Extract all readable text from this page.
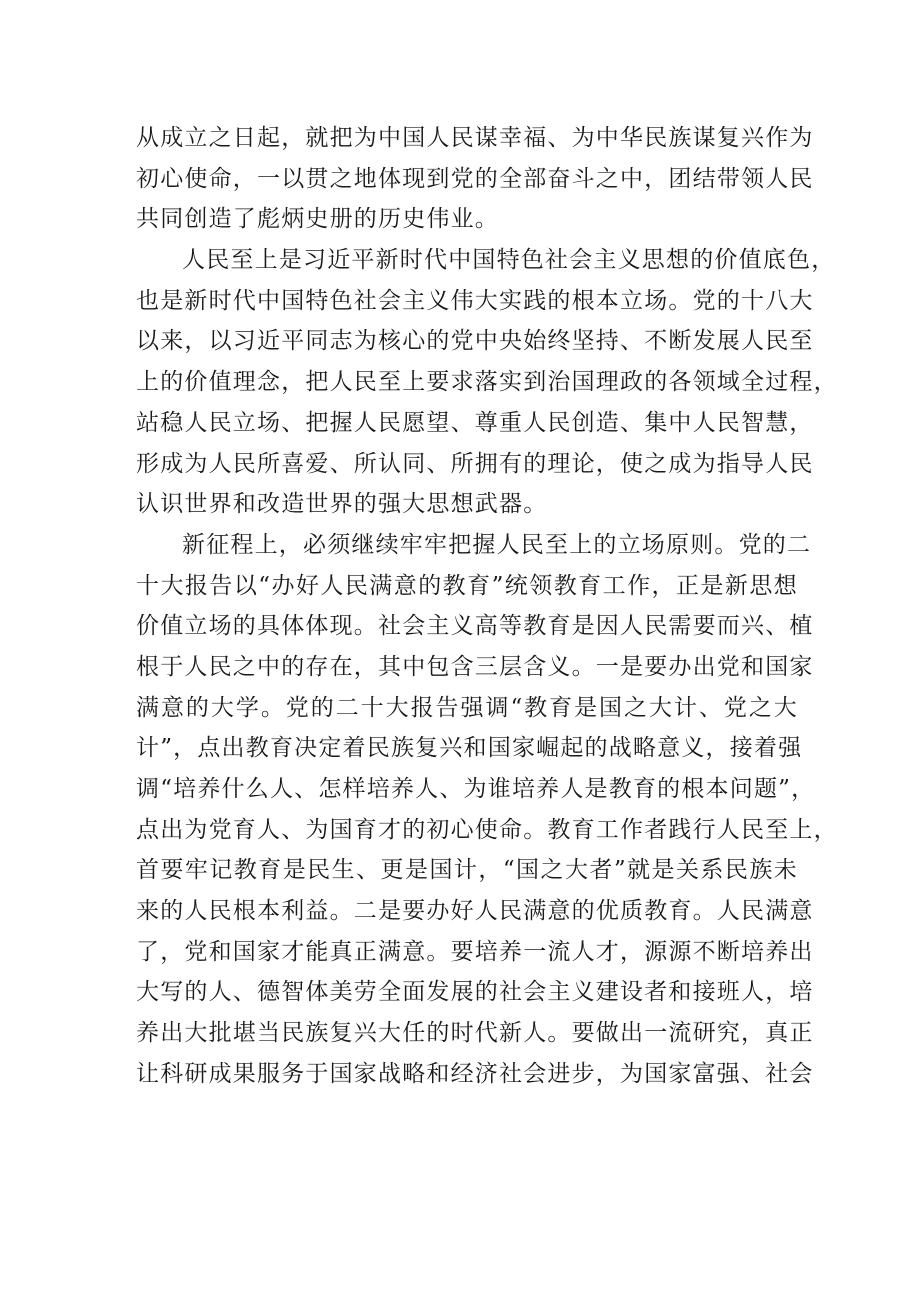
从成立之日起，就把为中国人民谋幸福、为中华民族谋复兴作为
初心使命，一以贯之地体现到党的全部奋斗之中，团结带领人民
共同创造了彪炳史册的历史伟业。
人民至上是习近平新时代中国特色社会主义思想的价值底色，
也是新时代中国特色社会主义伟大实践的根本立场。党的十八大
以来，以习近平同志为核心的党中央始终坚持、不断发展人民至
上的价值理念，把人民至上要求落实到治国理政的各领域全过程，
站稳人民立场、把握人民愿望、尊重人民创造、集中人民智慧，
形成为人民所喜爱、所认同、所拥有的理论，使之成为指导人民
认识世界和改造世界的强大思想武器。
新征程上，必须继续牢牢把握人民至上的立场原则。党的二
十大报告以“办好人民满意的教育”统领教育工作，正是新思想
价值立场的具体体现。社会主义高等教育是因人民需要而兴、植
根于人民之中的存在，其中包含三层含义。一是要办出党和国家
满意的大学。党的二十大报告强调“教育是国之大计、党之大
计”，点出教育决定着民族复兴和国家崛起的战略意义，接着强
调“培养什么人、怎样培养人、为谁培养人是教育的根本问题”，
点出为党育人、为国育才的初心使命。教育工作者践行人民至上，
首要牢记教育是民生、更是国计，“国之大者”就是关系民族未
来的人民根本利益。二是要办好人民满意的优质教育。人民满意
了，党和国家才能真正满意。要培养一流人才，源源不断培养出
大写的人、德智体美劳全面发展的社会主义建设者和接班人，培
养出大批堪当民族复兴大任的时代新人。要做出一流研究，真正
让科研成果服务于国家战略和经济社会进步，为国家富强、社会
